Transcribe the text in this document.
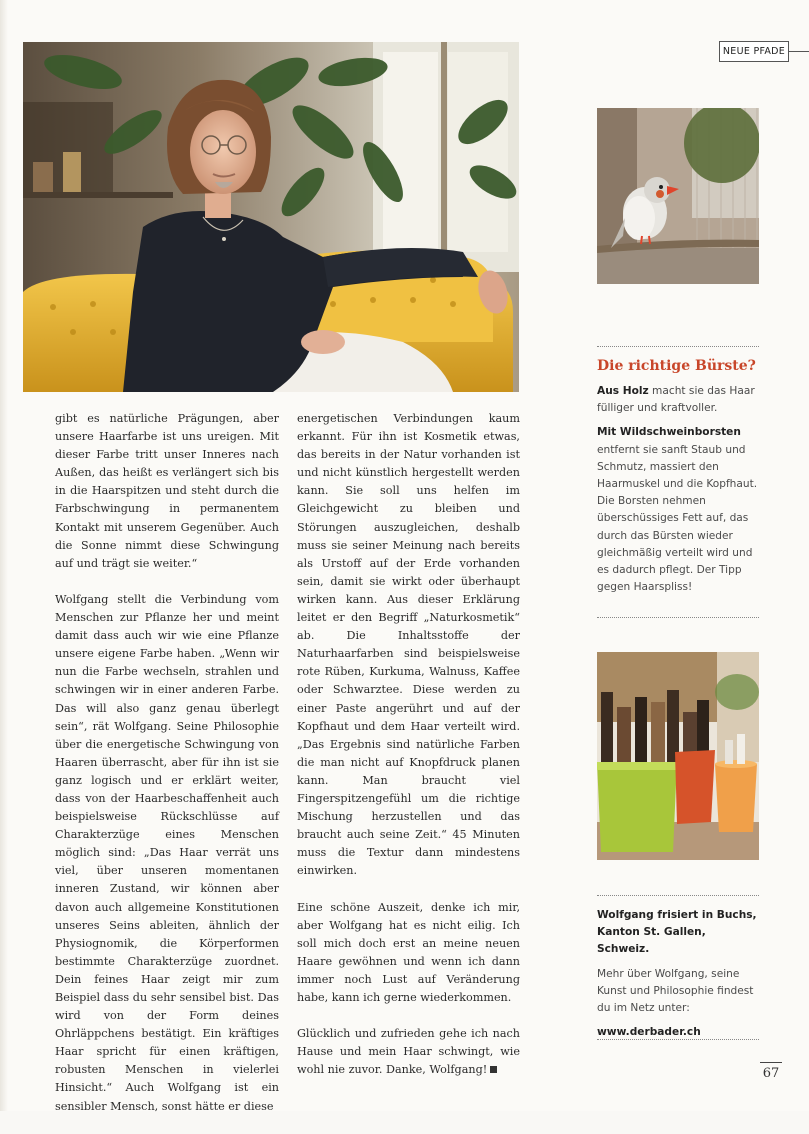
NEUE PFADE
Die richtige Bürste?

Aus Holz macht sie das Haar fülliger und kraftvoller.

Mit Wildschweinborsten
entfernt sie sanft Staub und Schmutz, massiert den Haarmuskel und die Kopfhaut. Die Borsten nehmen überschüssiges Fett auf, das durch das Bürsten wieder gleichmäßig verteilt wird und es dadurch pflegt. Der Tipp gegen Haarspliss!

Wolfgang frisiert in Buchs, Kanton St. Gallen, Schweiz.

Mehr über Wolfgang, seine Kunst und Philosophie findest du im Netz unter:

www.derbader.ch

gibt es natürliche Prägungen, aber unsere Haarfarbe ist uns ureigen. Mit dieser Farbe tritt unser Inneres nach Außen, das heißt es verlängert sich bis in die Haarspitzen und steht durch die Farbschwingung in permanentem Kontakt mit unserem Gegenüber. Auch die Sonne nimmt diese Schwingung auf und trägt sie weiter.“

Wolfgang stellt die Verbindung vom Menschen zur Pflanze her und meint damit dass auch wir wie eine Pflanze unsere eigene Farbe haben. „Wenn wir nun die Farbe wechseln, strahlen und schwingen wir in einer anderen Farbe. Das will also ganz genau überlegt sein“, rät Wolfgang. Seine Philosophie über die energetische Schwingung von Haaren überrascht, aber für ihn ist sie ganz logisch und er erklärt weiter, dass von der Haarbeschaffenheit auch beispielsweise Rückschlüsse auf Charakterzüge eines Menschen möglich sind: „Das Haar verrät uns viel, über unseren momentanen inneren Zustand, wir können aber davon auch allgemeine Konstitutionen unseres Seins ableiten, ähnlich der Physiognomik, die Körperformen bestimmte Charakterzüge zuordnet. Dein feines Haar zeigt mir zum Beispiel dass du sehr sensibel bist. Das wird von der Form deines Ohrläppchens bestätigt. Ein kräftiges Haar spricht für einen kräftigen, robusten Menschen in vielerlei Hinsicht.“ Auch Wolfgang ist ein sensibler Mensch, sonst hätte er diese

energetischen Verbindungen kaum erkannt. Für ihn ist Kosmetik etwas, das bereits in der Natur vorhanden ist und nicht künstlich hergestellt werden kann. Sie soll uns helfen im Gleichgewicht zu bleiben und Störungen auszugleichen, deshalb muss sie seiner Meinung nach bereits als Urstoff auf der Erde vorhanden sein, damit sie wirkt oder überhaupt wirken kann. Aus dieser Erklärung leitet er den Begriff „Naturkosmetik“ ab. Die Inhaltsstoffe der Naturhaarfarben sind beispielsweise rote Rüben, Kurkuma, Walnuss, Kaffee oder Schwarztee. Diese werden zu einer Paste angerührt und auf der Kopfhaut und dem Haar verteilt wird. „Das Ergebnis sind natürliche Farben die man nicht auf Knopfdruck planen kann. Man braucht viel Fingerspitzengefühl um die richtige Mischung herzustellen und das braucht auch seine Zeit.“ 45 Minuten muss die Textur dann mindestens einwirken.

Eine schöne Auszeit, denke ich mir, aber Wolfgang hat es nicht eilig. Ich soll mich doch erst an meine neuen Haare gewöhnen und wenn ich dann immer noch Lust auf Veränderung habe, kann ich gerne wiederkommen.

Glücklich und zufrieden gehe ich nach Hause und mein Haar schwingt, wie wohl nie zuvor. Danke, Wolfgang!	67
